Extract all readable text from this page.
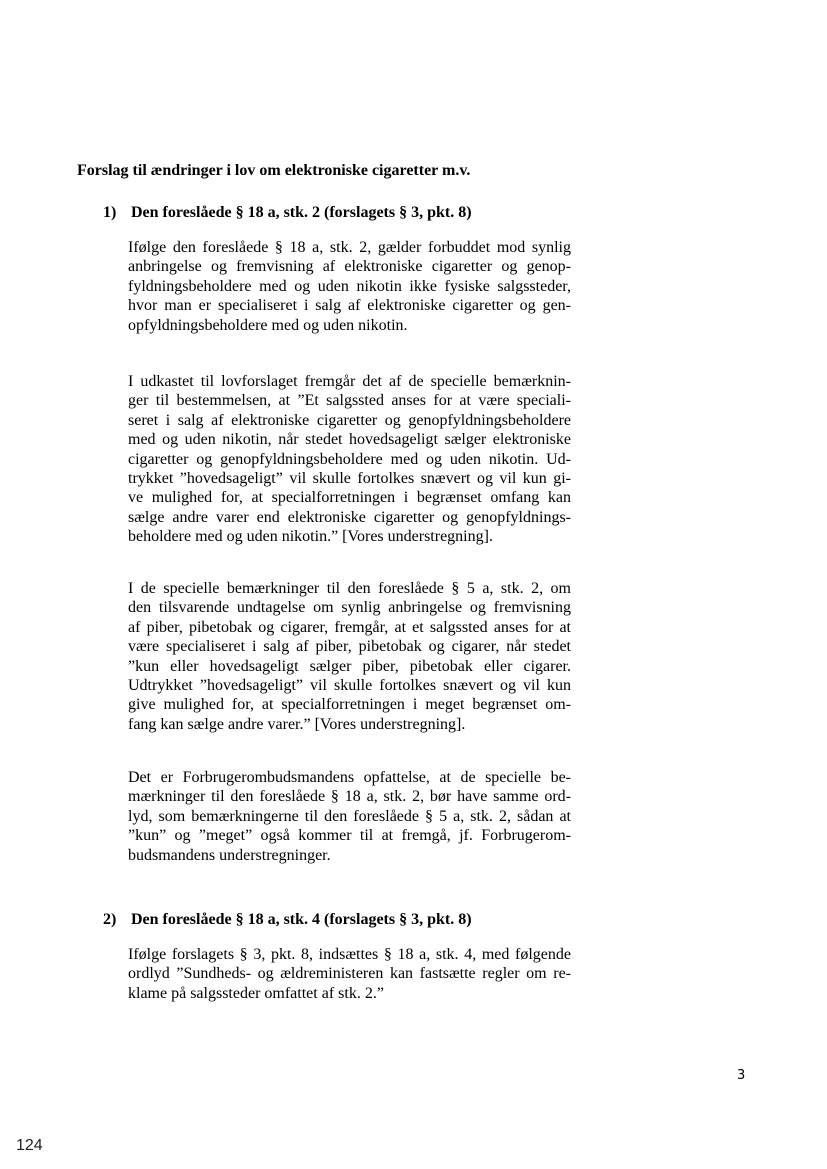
Forslag til ændringer i lov om elektroniske cigaretter m.v.
1) Den foreslåede § 18 a, stk. 2 (forslagets § 3, pkt. 8)
Ifølge den foreslåede § 18 a, stk. 2, gælder forbuddet mod synlig
anbringelse og fremvisning af elektroniske cigaretter og genop-
fyldningsbeholdere med og uden nikotin ikke fysiske salgssteder,
hvor man er specialiseret i salg af elektroniske cigaretter og gen-
opfyldningsbeholdere med og uden nikotin.
I udkastet til lovforslaget fremgår det af de specielle bemærknin-
ger til bestemmelsen, at ”Et salgssted anses for at være speciali-
seret i salg af elektroniske cigaretter og genopfyldningsbeholdere
med og uden nikotin, når stedet hovedsageligt sælger elektroniske
cigaretter og genopfyldningsbeholdere med og uden nikotin. Ud-
trykket ”hovedsageligt” vil skulle fortolkes snævert og vil kun gi-
ve mulighed for, at specialforretningen i begrænset omfang kan
sælge andre varer end elektroniske cigaretter og genopfyldnings-
beholdere med og uden nikotin.” [Vores understregning].
I de specielle bemærkninger til den foreslåede § 5 a, stk. 2, om
den tilsvarende undtagelse om synlig anbringelse og fremvisning
af piber, pibetobak og cigarer, fremgår, at et salgssted anses for at
være specialiseret i salg af piber, pibetobak og cigarer, når stedet
”kun eller hovedsageligt sælger piber, pibetobak eller cigarer.
Udtrykket ”hovedsageligt” vil skulle fortolkes snævert og vil kun
give mulighed for, at specialforretningen i meget begrænset om-
fang kan sælge andre varer.” [Vores understregning].
Det er Forbrugerombudsmandens opfattelse, at de specielle be-
mærkninger til den foreslåede § 18 a, stk. 2, bør have samme ord-
lyd, som bemærkningerne til den foreslåede § 5 a, stk. 2, sådan at
”kun” og ”meget” også kommer til at fremgå, jf. Forbrugerom-
budsmandens understregninger.
2) Den foreslåede § 18 a, stk. 4 (forslagets § 3, pkt. 8)
Ifølge forslagets § 3, pkt. 8, indsættes § 18 a, stk. 4, med følgende
ordlyd ”Sundheds- og ældreministeren kan fastsætte regler om re-
klame på salgssteder omfattet af stk. 2.”
3
124
